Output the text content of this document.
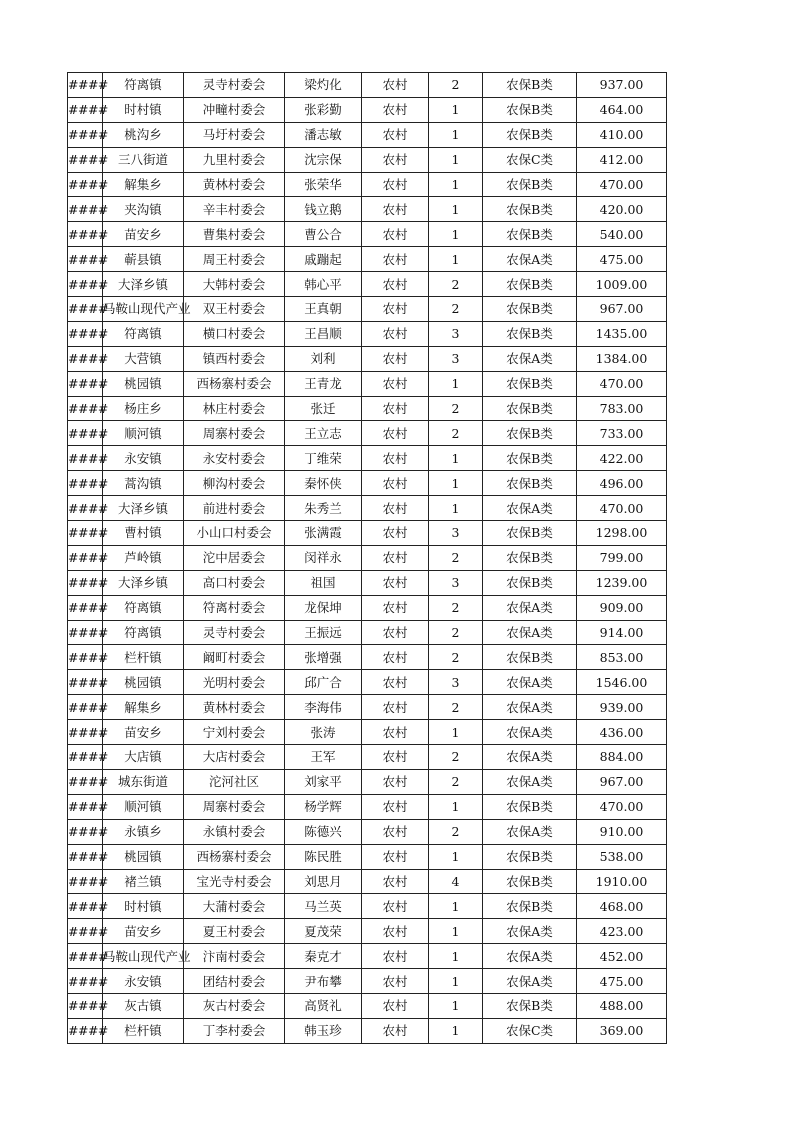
####	符离镇	灵寺村委会	梁灼化	农村	2	农保B类	937.00
####	时村镇	冲疃村委会	张彩勤	农村	1	农保B类	464.00
####	桃沟乡	马圩村委会	潘志敏	农村	1	农保B类	410.00
####	三八街道	九里村委会	沈宗保	农村	1	农保C类	412.00
####	解集乡	黄林村委会	张荣华	农村	1	农保B类	470.00
####	夹沟镇	辛丰村委会	钱立鹅	农村	1	农保B类	420.00
####	苗安乡	曹集村委会	曹公合	农村	1	农保B类	540.00
####	蕲县镇	周王村委会	戚蹦起	农村	1	农保A类	475.00
####	大泽乡镇	大韩村委会	韩心平	农村	2	农保B类	1009.00
####	马鞍山现代产业	双王村委会	王真朝	农村	2	农保B类	967.00
####	符离镇	横口村委会	王昌顺	农村	3	农保B类	1435.00
####	大营镇	镇西村委会	刘利	农村	3	农保A类	1384.00
####	桃园镇	西杨寨村委会	王青龙	农村	1	农保B类	470.00
####	杨庄乡	林庄村委会	张迁	农村	2	农保B类	783.00
####	顺河镇	周寨村委会	王立志	农村	2	农保B类	733.00
####	永安镇	永安村委会	丁维荣	农村	1	农保B类	422.00
####	蒿沟镇	柳沟村委会	秦怀侠	农村	1	农保B类	496.00
####	大泽乡镇	前进村委会	朱秀兰	农村	1	农保A类	470.00
####	曹村镇	小山口村委会	张满霞	农村	3	农保B类	1298.00
####	芦岭镇	沱中居委会	闵祥永	农村	2	农保B类	799.00
####	大泽乡镇	高口村委会	祖国	农村	3	农保B类	1239.00
####	符离镇	符离村委会	龙保坤	农村	2	农保A类	909.00
####	符离镇	灵寺村委会	王振远	农村	2	农保A类	914.00
####	栏杆镇	阚町村委会	张增强	农村	2	农保B类	853.00
####	桃园镇	光明村委会	邱广合	农村	3	农保A类	1546.00
####	解集乡	黄林村委会	李海伟	农村	2	农保A类	939.00
####	苗安乡	宁刘村委会	张涛	农村	1	农保A类	436.00
####	大店镇	大店村委会	王军	农村	2	农保A类	884.00
####	城东街道	沱河社区	刘家平	农村	2	农保A类	967.00
####	顺河镇	周寨村委会	杨学辉	农村	1	农保B类	470.00
####	永镇乡	永镇村委会	陈德兴	农村	2	农保A类	910.00
####	桃园镇	西杨寨村委会	陈民胜	农村	1	农保B类	538.00
####	褚兰镇	宝光寺村委会	刘思月	农村	4	农保B类	1910.00
####	时村镇	大蒲村委会	马兰英	农村	1	农保B类	468.00
####	苗安乡	夏王村委会	夏茂荣	农村	1	农保A类	423.00
####	马鞍山现代产业	汴南村委会	秦克才	农村	1	农保A类	452.00
####	永安镇	团结村委会	尹布攀	农村	1	农保A类	475.00
####	灰古镇	灰古村委会	高贤礼	农村	1	农保B类	488.00
####	栏杆镇	丁李村委会	韩玉珍	农村	1	农保C类	369.00
